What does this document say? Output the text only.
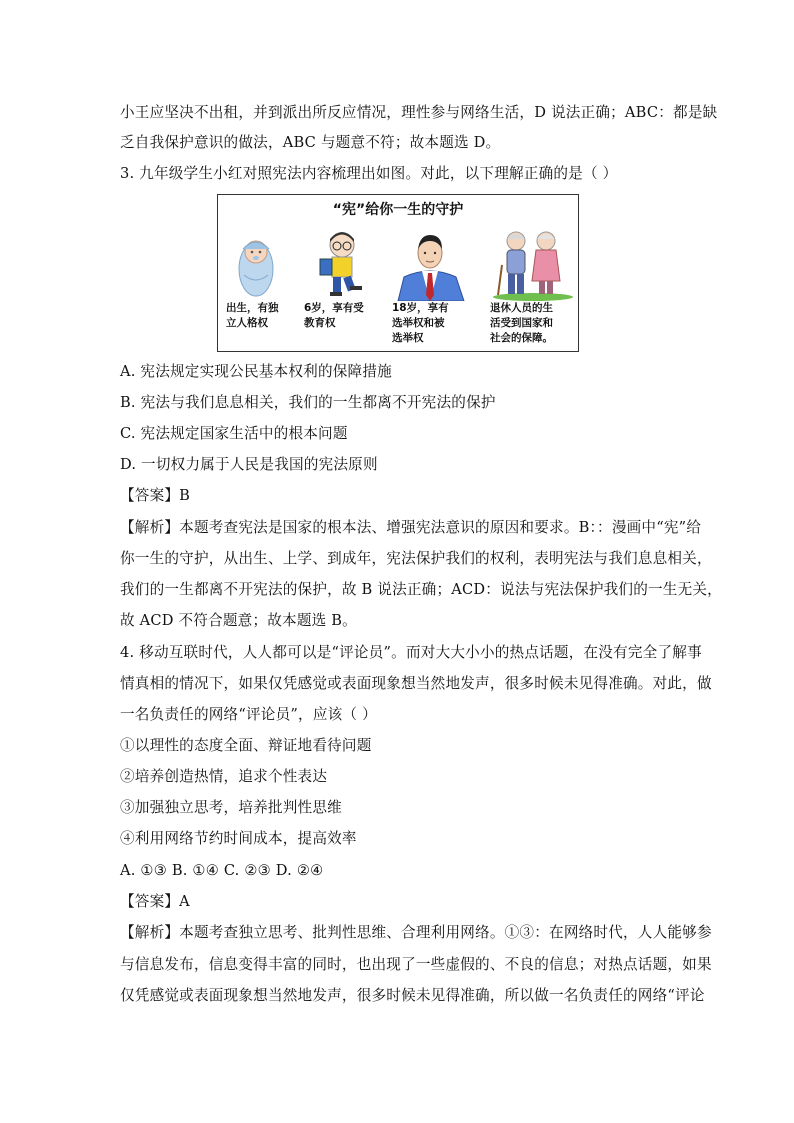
小王应坚决不出租，并到派出所反应情况，理性参与网络生活，D 说法正确；ABC：都是缺
乏自我保护意识的做法，ABC 与题意不符；故本题选 D。
3. 九年级学生小红对照宪法内容梳理出如图。对此，以下理解正确的是（ ）
“宪”给你一生的守护
出生，有独
立人格权
6岁，享有受
教育权
18岁，享有
选举权和被
选举权
退休人员的生
活受到国家和
社会的保障。
A. 宪法规定实现公民基本权利的保障措施
B. 宪法与我们息息相关，我们的一生都离不开宪法的保护
C. 宪法规定国家生活中的根本问题
D. 一切权力属于人民是我国的宪法原则
【答案】B
【解析】本题考查宪法是国家的根本法、增强宪法意识的原因和要求。B：：漫画中“宪”给
你一生的守护，从出生、上学、到成年，宪法保护我们的权利，表明宪法与我们息息相关，
我们的一生都离不开宪法的保护，故 B 说法正确；ACD：说法与宪法保护我们的一生无关，
故 ACD 不符合题意；故本题选 B。
4. 移动互联时代，人人都可以是“评论员”。而对大大小小的热点话题，在没有完全了解事
情真相的情况下，如果仅凭感觉或表面现象想当然地发声，很多时候未见得准确。对此，做
一名负责任的网络“评论员”，应该（ ）
①以理性的态度全面、辩证地看待问题
②培养创造热情，追求个性表达
③加强独立思考，培养批判性思维
④利用网络节约时间成本，提高效率
A. ①③ B. ①④ C. ②③ D. ②④
【答案】A
【解析】本题考查独立思考、批判性思维、合理利用网络。①③：在网络时代，人人能够参
与信息发布，信息变得丰富的同时，也出现了一些虚假的、不良的信息；对热点话题，如果
仅凭感觉或表面现象想当然地发声，很多时候未见得准确，所以做一名负责任的网络“评论
